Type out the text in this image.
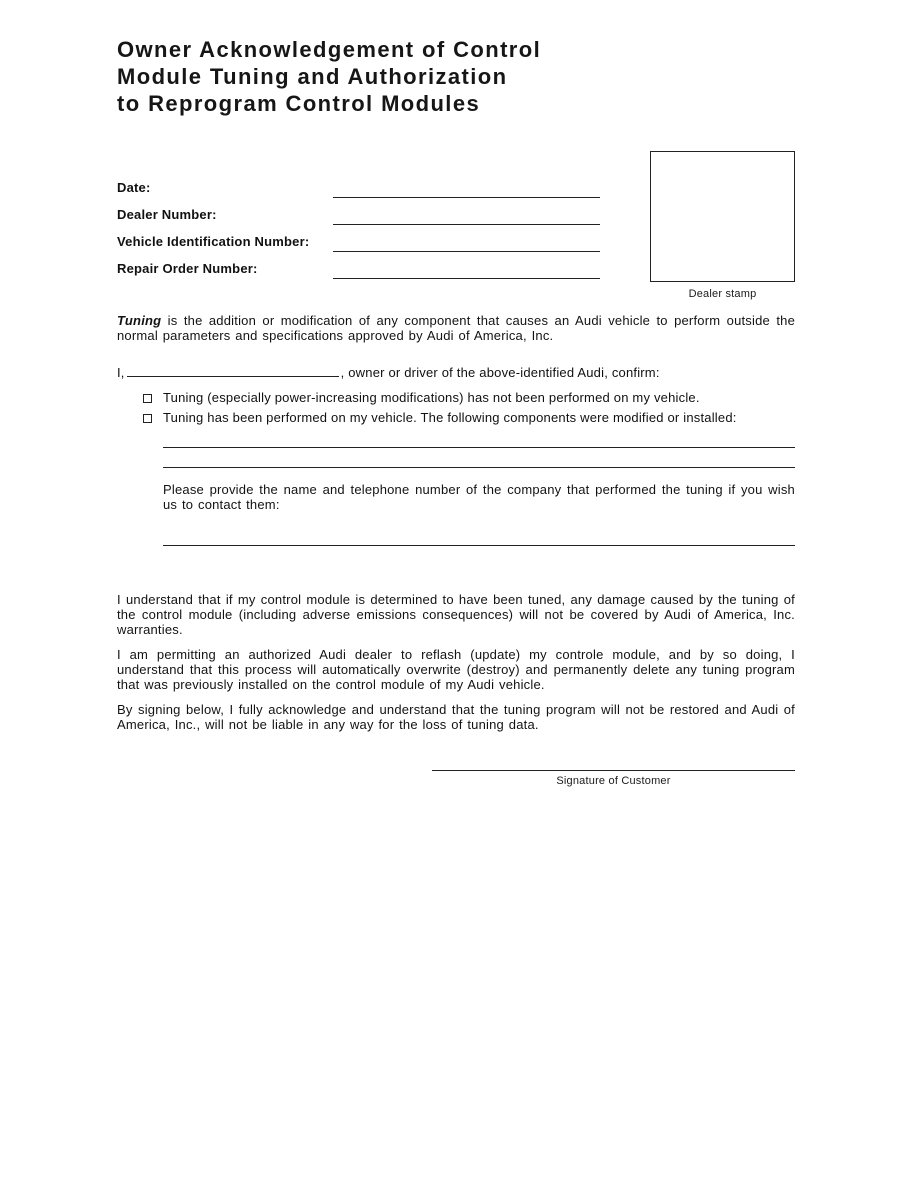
Owner Acknowledgement of Control
Module Tuning and Authorization
to Reprogram Control Modules
Date:
Dealer Number:
Vehicle Identification Number:
Repair Order Number:
Tuning is the addition or modification of any component that causes an Audi vehicle to perform outside the normal parameters and specifications approved by Audi of America, Inc.
I,	, owner or driver of the above-identified Audi, confirm:
Tuning (especially power-increasing modifications) has not been performed on my vehicle.
Tuning has been performed on my vehicle. The following components were modified or installed:
Please provide the name and telephone number of the company that performed the tuning if you wish us to contact them:
I understand that if my control module is determined to have been tuned, any damage caused by the tuning of the control module (including adverse emissions consequences) will not be covered by Audi of America, Inc. warranties.
I am permitting an authorized Audi dealer to reflash (update) my controle module, and by so doing, I understand that this process will automatically overwrite (destroy) and permanently delete any tuning program that was previously installed on the control module of my Audi vehicle.
By signing below, I fully acknowledge and understand that the tuning program will not be restored and Audi of America, Inc., will not be liable in any way for the loss of tuning data.
Signature of Customer
Dealer stamp
